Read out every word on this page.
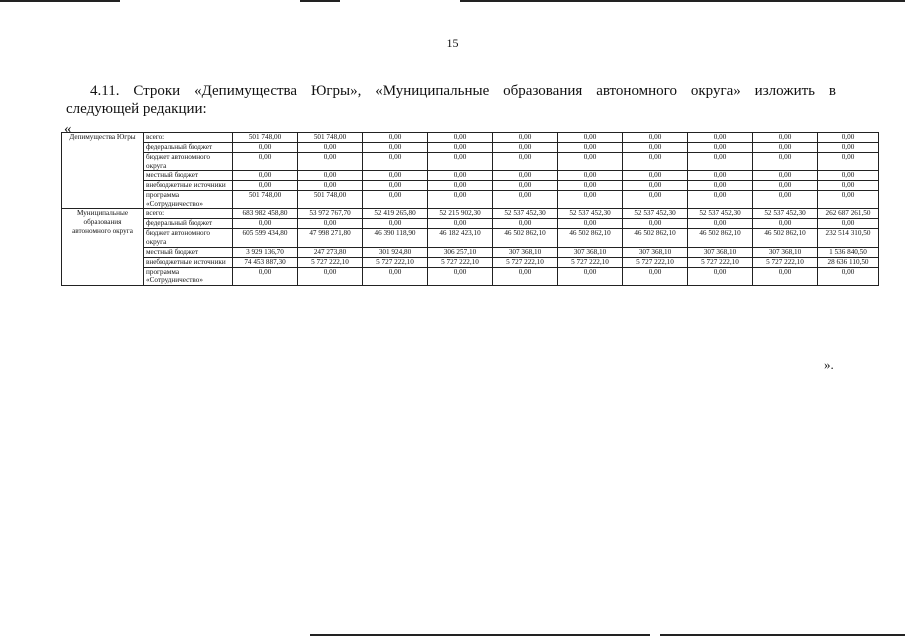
15
4.11. Строки «Депимущества Югры», «Муниципальные образования автономного округа» изложить в
следующей редакции:
«
Депимущества Югры	всего:	501 748,00	501 748,00	0,00	0,00	0,00	0,00	0,00	0,00	0,00	0,00
	федеральный бюджет	0,00	0,00	0,00	0,00	0,00	0,00	0,00	0,00	0,00	0,00
	бюджет автономного округа	0,00	0,00	0,00	0,00	0,00	0,00	0,00	0,00	0,00	0,00
	местный бюджет	0,00	0,00	0,00	0,00	0,00	0,00	0,00	0,00	0,00	0,00
	внебюджетные источники	0,00	0,00	0,00	0,00	0,00	0,00	0,00	0,00	0,00	0,00
	программа «Сотрудничество»	501 748,00	501 748,00	0,00	0,00	0,00	0,00	0,00	0,00	0,00	0,00
Муниципальные образования автономного округа	всего:	683 982 458,80	53 972 767,70	52 419 265,80	52 215 902,30	52 537 452,30	52 537 452,30	52 537 452,30	52 537 452,30	52 537 452,30	262 687 261,50
	федеральный бюджет	0,00	0,00	0,00	0,00	0,00	0,00	0,00	0,00	0,00	0,00
	бюджет автономного округа	605 599 434,80	47 998 271,80	46 390 118,90	46 182 423,10	46 502 862,10	46 502 862,10	46 502 862,10	46 502 862,10	46 502 862,10	232 514 310,50
	местный бюджет	3 929 136,70	247 273,80	301 924,80	306 257,10	307 368,10	307 368,10	307 368,10	307 368,10	307 368,10	1 536 840,50
	внебюджетные источники	74 453 887,30	5 727 222,10	5 727 222,10	5 727 222,10	5 727 222,10	5 727 222,10	5 727 222,10	5 727 222,10	5 727 222,10	28 636 110,50
	программа «Сотрудничество»	0,00	0,00	0,00	0,00	0,00	0,00	0,00	0,00	0,00	0,00
».
